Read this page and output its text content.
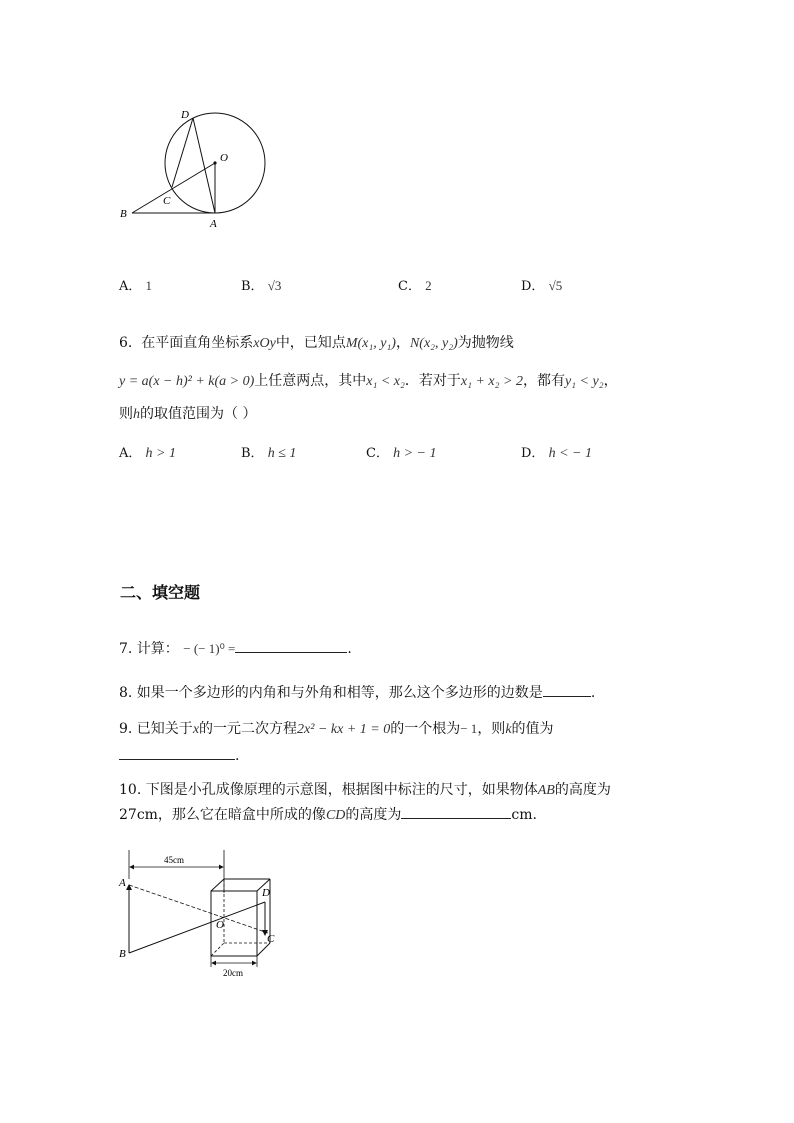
D
O
C
B
A
A． 1	B． √3	C． 2	D． √5
6. 在平面直角坐标系xOy中，已知点M(x₁, y₁)，N(x₂, y₂)为抛物线
y = a(x − h)² + k(a > 0)上任意两点，其中x₁ < x₂．若对于x₁ + x₂ > 2，都有y₁ < y₂，
则h的取值范围为（ ）
A． h > 1	B． h ≤ 1	C． h > − 1	D． h < − 1
二、填空题
7. 计算： − (− 1)⁰ =	.
8. 如果一个多边形的内角和与外角和相等，那么这个多边形的边数是	.
9. 已知关于x的一元二次方程2x² − kx + 1 = 0的一个根为− 1，则k的值为
.
10. 下图是小孔成像原理的示意图，根据图中标注的尺寸，如果物体AB的高度为
27cm，那么它在暗盒中所成的像CD的高度为	cm.
45cm
A
B
O
D
C
20cm
